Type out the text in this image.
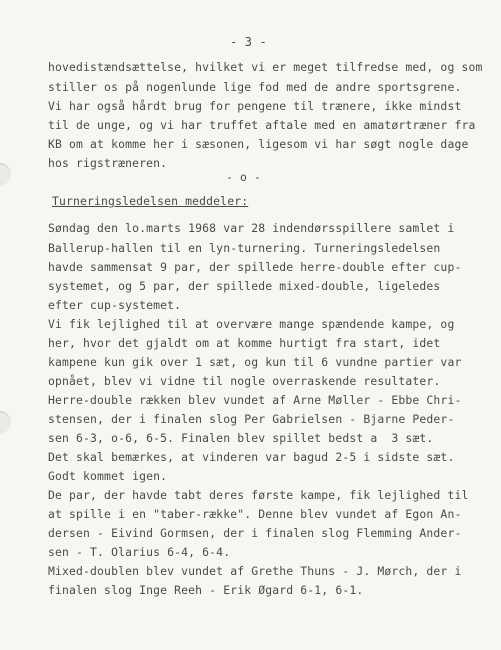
- 3 -
hovedistændsættelse, hvilket vi er meget tilfredse med, og som
stiller os på nogenlunde lige fod med de andre sportsgrene.
Vi har også hårdt brug for pengene til trænere, ikke mindst
til de unge, og vi har truffet aftale med en amatørtræner fra
KB om at komme her i sæsonen, ligesom vi har søgt nogle dage
hos rigstræneren.
- o -
Turneringsledelsen meddeler:
Søndag den lo.marts 1968 var 28 indendørsspillere samlet i
Ballerup-hallen til en lyn-turnering. Turneringsledelsen
havde sammensat 9 par, der spillede herre-double efter cup-
systemet, og 5 par, der spillede mixed-double, ligeledes
efter cup-systemet.
Vi fik lejlighed til at overvære mange spændende kampe, og
her, hvor det gjaldt om at komme hurtigt fra start, idet
kampene kun gik over 1 sæt, og kun til 6 vundne partier var
opnået, blev vi vidne til nogle overraskende resultater.
Herre-double rækken blev vundet af Arne Møller - Ebbe Chri-
stensen, der i finalen slog Per Gabrielsen - Bjarne Peder-
sen 6-3, o-6, 6-5. Finalen blev spillet bedst a  3 sæt.
Det skal bemærkes, at vinderen var bagud 2-5 i sidste sæt.
Godt kommet igen.
De par, der havde tabt deres første kampe, fik lejlighed til
at spille i en "taber-række". Denne blev vundet af Egon An-
dersen - Eivind Gormsen, der i finalen slog Flemming Ander-
sen - T. Olarius 6-4, 6-4.
Mixed-doublen blev vundet af Grethe Thuns - J. Mørch, der i
finalen slog Inge Reeh - Erik Øgard 6-1, 6-1.
